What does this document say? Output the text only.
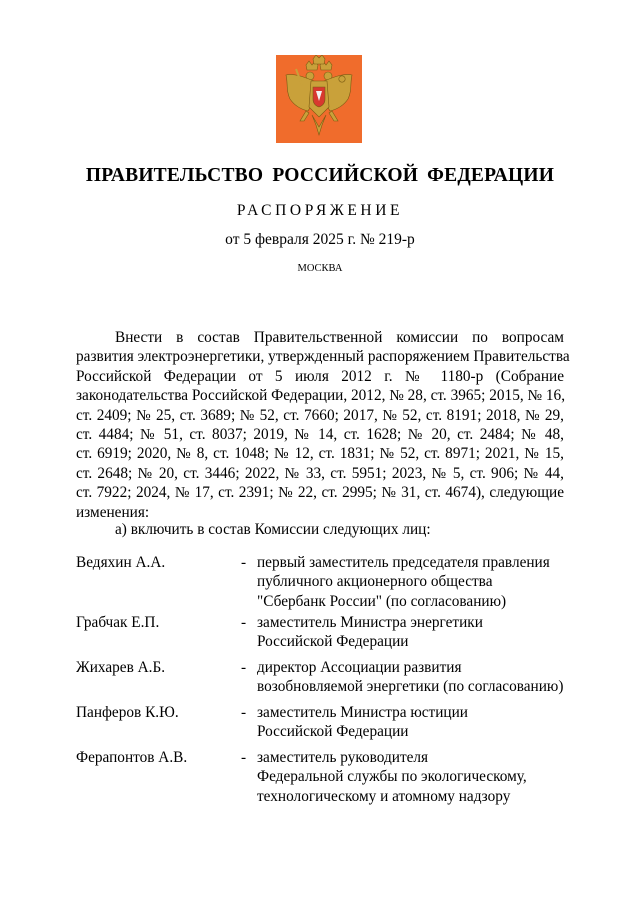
ПРАВИТЕЛЬСТВО РОССИЙСКОЙ ФЕДЕРАЦИИ
РАСПОРЯЖЕНИЕ
от 5 февраля 2025 г. № 219-р
МОСКВА
Внести в состав Правительственной комиссии по вопросам
развития электроэнергетики, утвержденный распоряжением Правительства
Российской Федерации от 5 июля 2012 г. № 1180-р (Собрание
законодательства Российской Федерации, 2012, № 28, ст. 3965; 2015, № 16,
ст. 2409; № 25, ст. 3689; № 52, ст. 7660; 2017, № 52, ст. 8191; 2018, № 29,
ст. 4484; № 51, ст. 8037; 2019, № 14, ст. 1628; № 20, ст. 2484; № 48,
ст. 6919; 2020, № 8, ст. 1048; № 12, ст. 1831; № 52, ст. 8971; 2021, № 15,
ст. 2648; № 20, ст. 3446; 2022, № 33, ст. 5951; 2023, № 5, ст. 906; № 44,
ст. 7922; 2024, № 17, ст. 2391; № 22, ст. 2995; № 31, ст. 4674), следующие
изменения:
а) включить в состав Комиссии следующих лиц:
Ведяхин А.А.	- первый заместитель председателя правления
публичного акционерного общества
"Сбербанк России" (по согласованию)
Грабчак Е.П.	- заместитель Министра энергетики
Российской Федерации
Жихарев А.Б.	- директор Ассоциации развития
возобновляемой энергетики (по согласованию)
Панферов К.Ю.	- заместитель Министра юстиции
Российской Федерации
Ферапонтов А.В.	- заместитель руководителя
Федеральной службы по экологическому,
технологическому и атомному надзору
